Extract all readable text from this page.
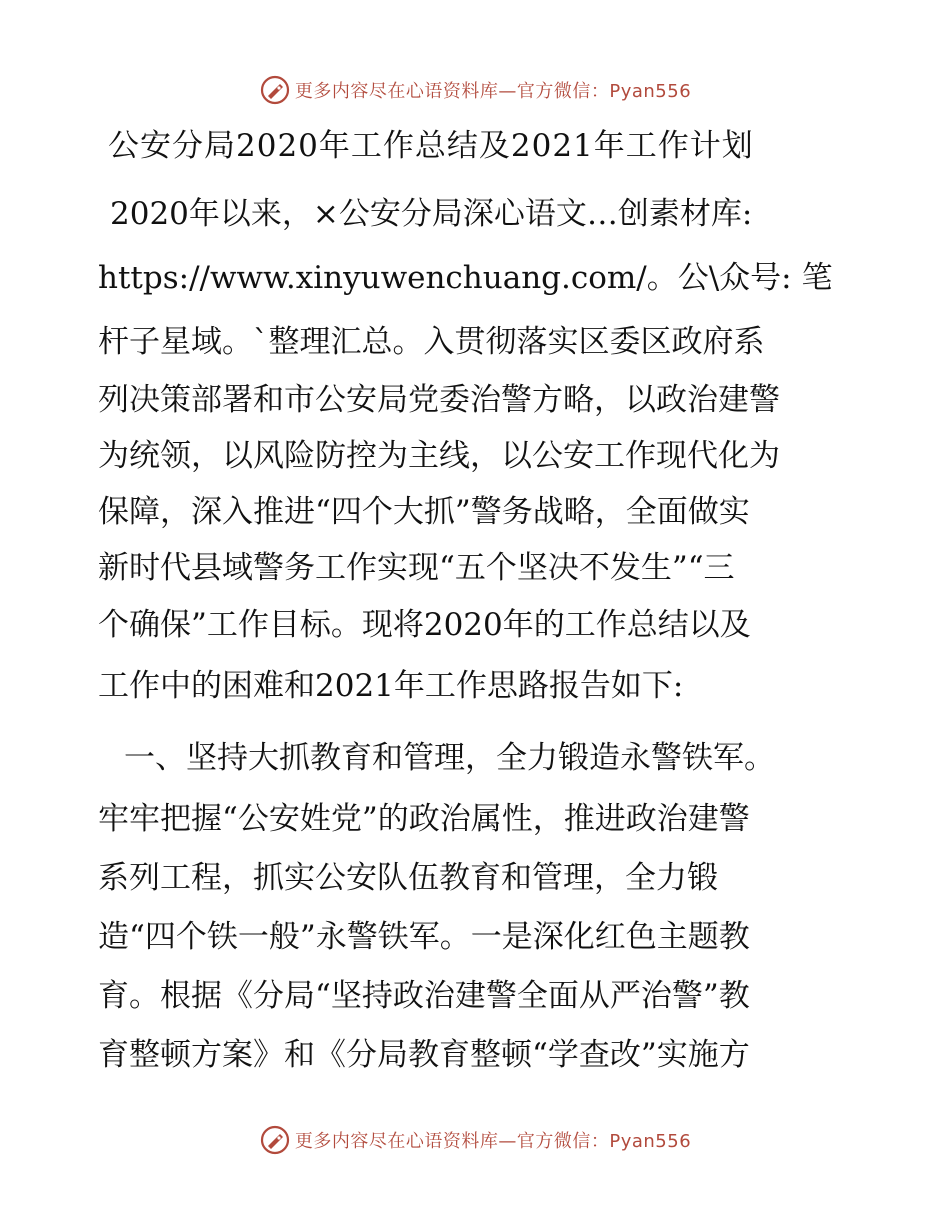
更多内容尽在心语资料库—官方微信：Pyan556
公安分局2020年工作总结及2021年工作计划
2020年以来，×公安分局深心语文…创素材库:
https://www.xinyuwenchuang.com/。公\众号: 笔
杆子星域。`整理汇总。入贯彻落实区委区政府系
列决策部署和市公安局党委治警方略，以政治建警
为统领，以风险防控为主线，以公安工作现代化为
保障，深入推进“四个大抓”警务战略，全面做实
新时代县域警务工作实现“五个坚决不发生”“三
个确保”工作目标。现将2020年的工作总结以及
工作中的困难和2021年工作思路报告如下:
一、坚持大抓教育和管理，全力锻造永警铁军。
牢牢把握“公安姓党”的政治属性，推进政治建警
系列工程，抓实公安队伍教育和管理，全力锻
造“四个铁一般”永警铁军。一是深化红色主题教
育。根据《分局“坚持政治建警全面从严治警”教
育整顿方案》和《分局教育整顿“学查改”实施方
更多内容尽在心语资料库—官方微信：Pyan556
